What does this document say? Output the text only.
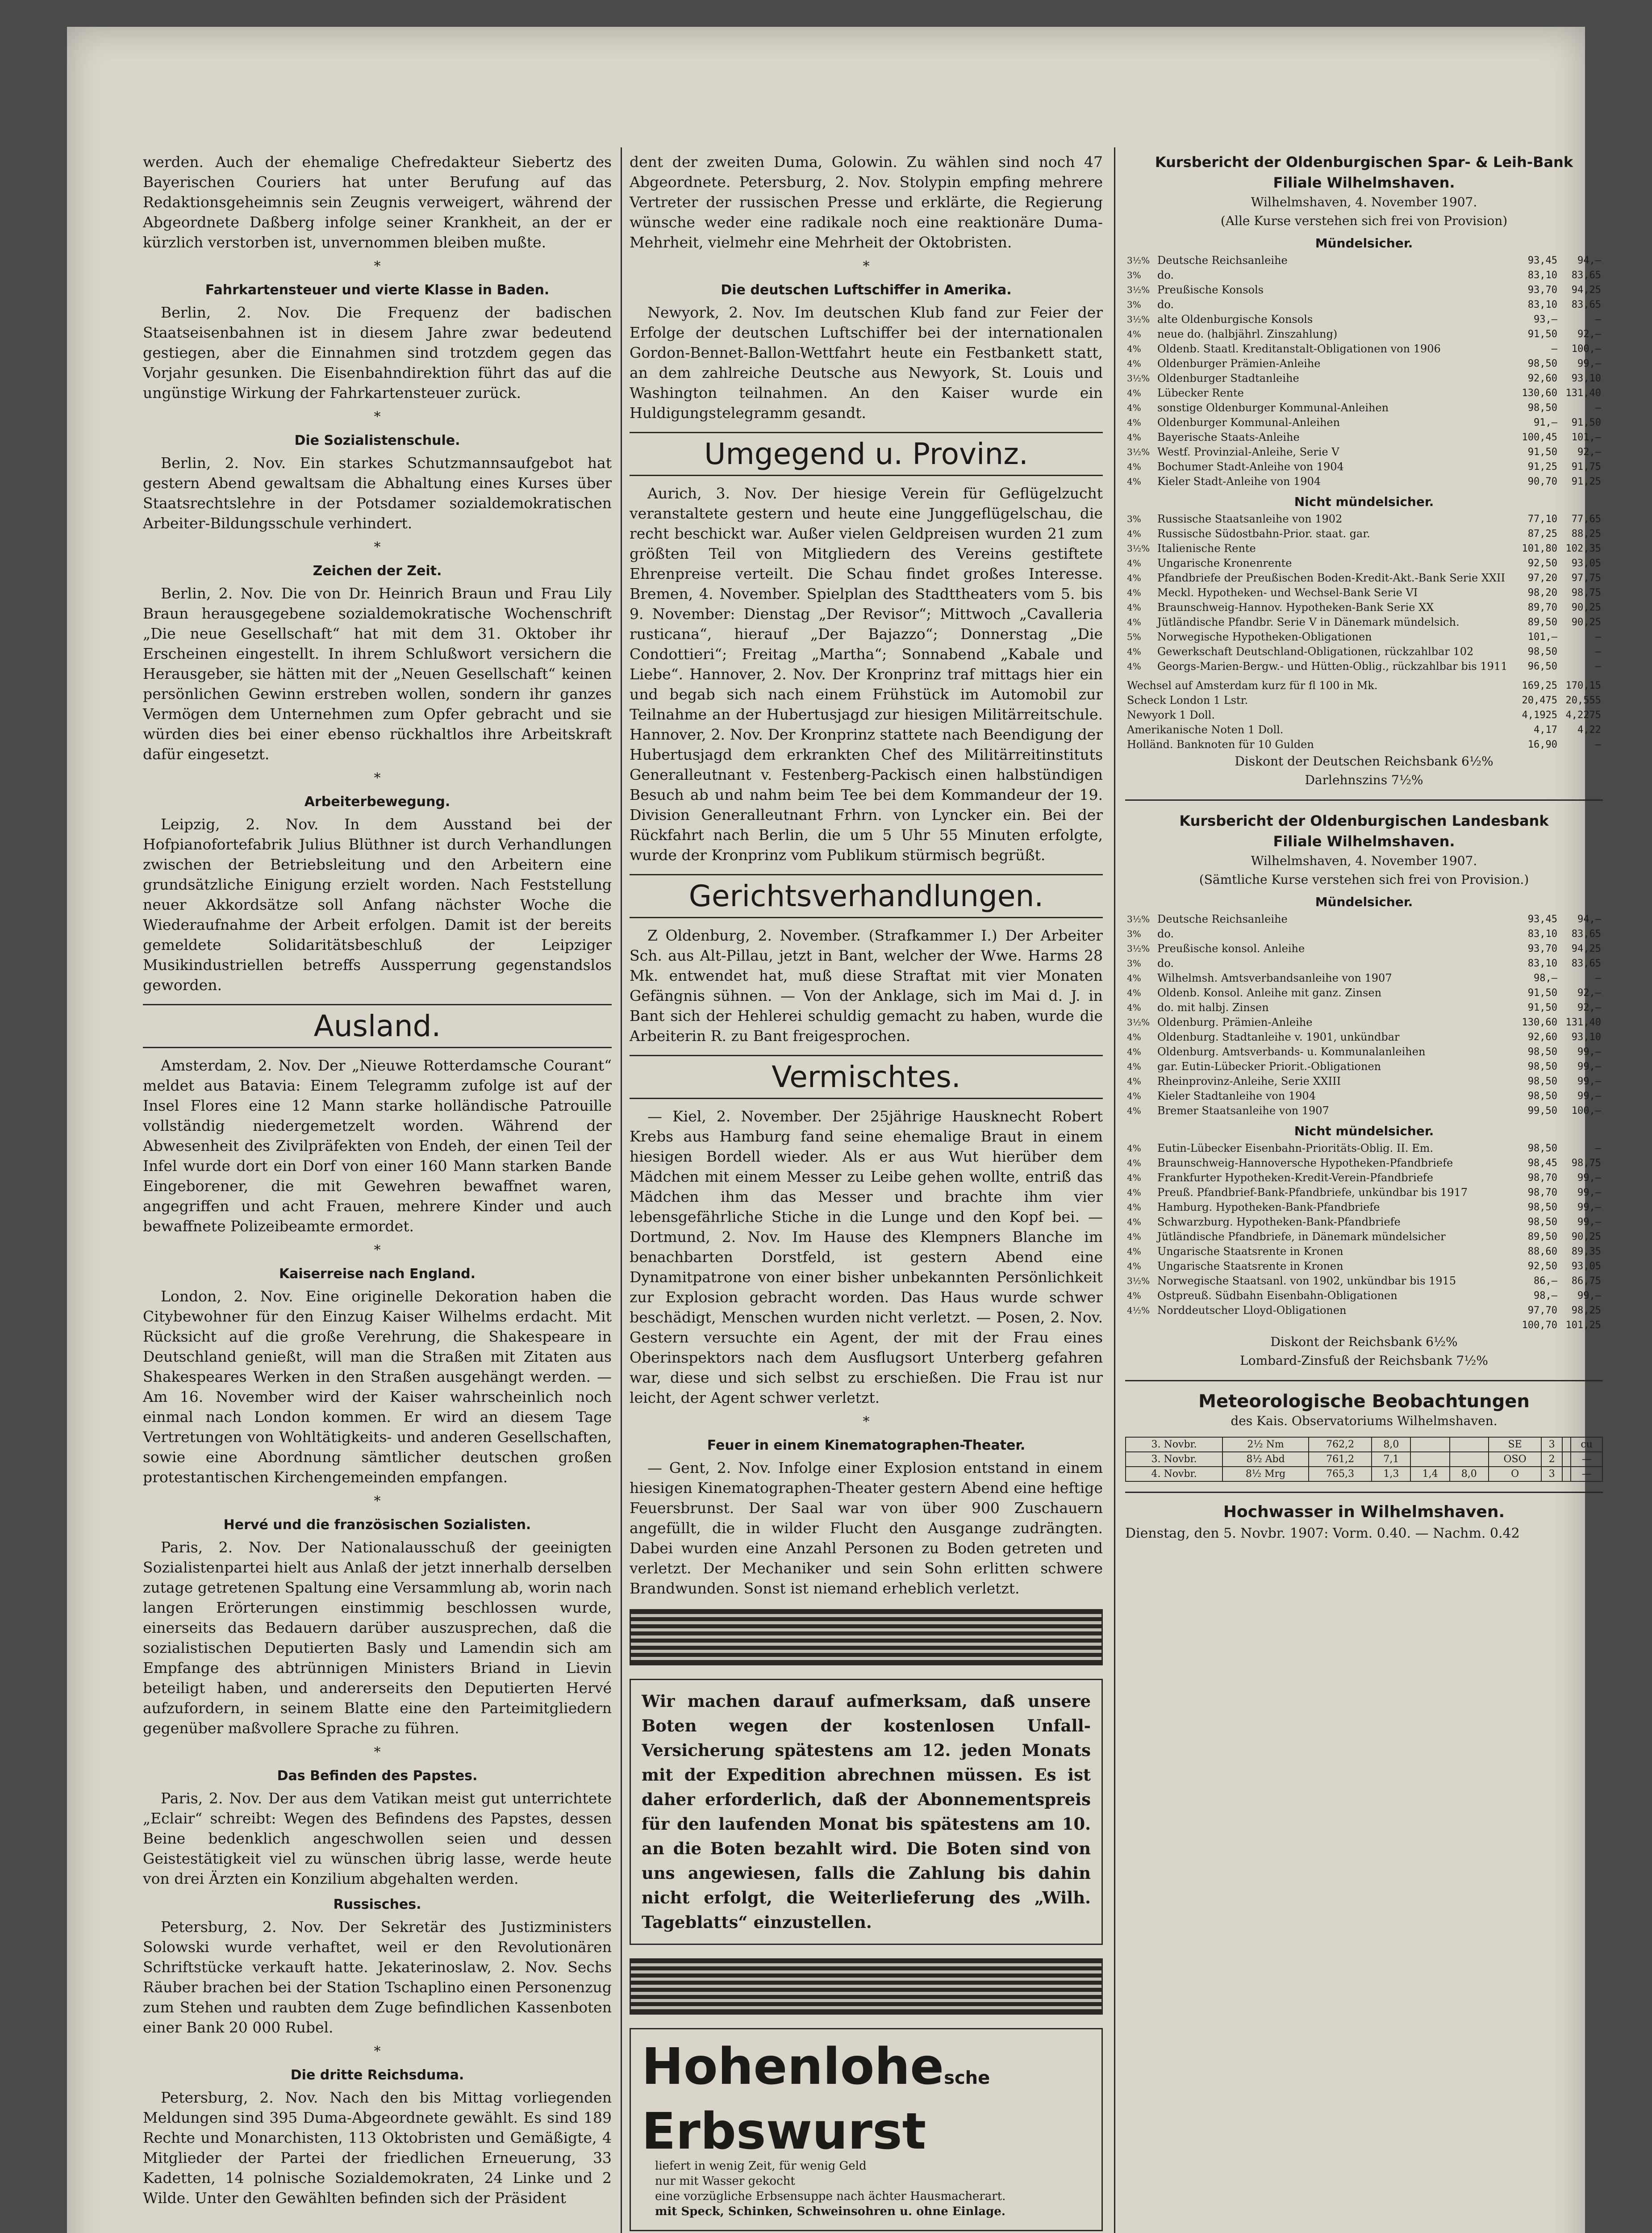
werden. Auch der ehemalige Chefredakteur Siebertz des Bayerischen Couriers hat unter Berufung auf das Redaktionsgeheimnis sein Zeugnis verweigert, während der Abgeordnete Daßberg infolge seiner Krankheit, an der er kürzlich verstorben ist, unvernommen bleiben mußte.

*
Fahrkartensteuer und vierte Klasse in Baden.

Berlin, 2. Nov. Die Frequenz der badischen Staatseisenbahnen ist in diesem Jahre zwar bedeutend gestiegen, aber die Einnahmen sind trotzdem gegen das Vorjahr gesunken. Die Eisenbahndirektion führt das auf die ungünstige Wirkung der Fahrkartensteuer zurück.

*
Die Sozialistenschule.

Berlin, 2. Nov. Ein starkes Schutzmannsaufgebot hat gestern Abend gewaltsam die Abhaltung eines Kurses über Staatsrechtslehre in der Potsdamer sozialdemokratischen Arbeiter-Bildungsschule verhindert.

*
Zeichen der Zeit.

Berlin, 2. Nov. Die von Dr. Heinrich Braun und Frau Lily Braun herausgegebene sozialdemokratische Wochenschrift „Die neue Gesellschaft“ hat mit dem 31. Oktober ihr Erscheinen eingestellt. In ihrem Schlußwort versichern die Herausgeber, sie hätten mit der „Neuen Gesellschaft“ keinen persönlichen Gewinn erstreben wollen, sondern ihr ganzes Vermögen dem Unternehmen zum Opfer gebracht und sie würden dies bei einer ebenso rückhaltlos ihre Arbeitskraft dafür eingesetzt.

*
Arbeiterbewegung.

Leipzig, 2. Nov. In dem Ausstand bei der Hofpianofortefabrik Julius Blüthner ist durch Verhandlungen zwischen der Betriebsleitung und den Arbeitern eine grundsätzliche Einigung erzielt worden. Nach Feststellung neuer Akkordsätze soll Anfang nächster Woche die Wiederaufnahme der Arbeit erfolgen. Damit ist der bereits gemeldete Solidaritätsbeschluß der Leipziger Musikindustriellen betreffs Aussperrung gegenstandslos geworden.

Ausland.

Amsterdam, 2. Nov. Der „Nieuwe Rotterdamsche Courant“ meldet aus Batavia: Einem Telegramm zufolge ist auf der Insel Flores eine 12 Mann starke holländische Patrouille vollständig niedergemetzelt worden. Während der Abwesenheit des Zivilpräfekten von Endeh, der einen Teil der Infel wurde dort ein Dorf von einer 160 Mann starken Bande Eingeborener, die mit Gewehren bewaffnet waren, angegriffen und acht Frauen, mehrere Kinder und auch bewaffnete Polizeibeamte ermordet.

*
Kaiserreise nach England.

London, 2. Nov. Eine originelle Dekoration haben die Citybewohner für den Einzug Kaiser Wilhelms erdacht. Mit Rücksicht auf die große Verehrung, die Shakespeare in Deutschland genießt, will man die Straßen mit Zitaten aus Shakespeares Werken in den Straßen ausgehängt werden. — Am 16. November wird der Kaiser wahrscheinlich noch einmal nach London kommen. Er wird an diesem Tage Vertretungen von Wohltätigkeits- und anderen Gesellschaften, sowie eine Abordnung sämtlicher deutschen großen protestantischen Kirchengemeinden empfangen.

*
Hervé und die französischen Sozialisten.

Paris, 2. Nov. Der Nationalausschuß der geeinigten Sozialistenpartei hielt aus Anlaß der jetzt innerhalb derselben zutage getretenen Spaltung eine Versammlung ab, worin nach langen Erörterungen einstimmig beschlossen wurde, einerseits das Bedauern darüber auszusprechen, daß die sozialistischen Deputierten Basly und Lamendin sich am Empfange des abtrünnigen Ministers Briand in Lievin beteiligt haben, und andererseits den Deputierten Hervé aufzufordern, in seinem Blatte eine den Parteimitgliedern gegenüber maßvollere Sprache zu führen.

*
Das Befinden des Papstes.

Paris, 2. Nov. Der aus dem Vatikan meist gut unterrichtete „Eclair“ schreibt: Wegen des Befindens des Papstes, dessen Beine bedenklich angeschwollen seien und dessen Geistestätigkeit viel zu wünschen übrig lasse, werde heute von drei Ärzten ein Konzilium abgehalten werden.

Russisches.

Petersburg, 2. Nov. Der Sekretär des Justizministers Solowski wurde verhaftet, weil er den Revolutionären Schriftstücke verkauft hatte. Jekaterinoslaw, 2. Nov. Sechs Räuber brachen bei der Station Tschaplino einen Personenzug zum Stehen und raubten dem Zuge befindlichen Kassenboten einer Bank 20 000 Rubel.

*
Die dritte Reichsduma.

Petersburg, 2. Nov. Nach den bis Mittag vorliegenden Meldungen sind 395 Duma-Abgeordnete gewählt. Es sind 189 Rechte und Monarchisten, 113 Oktobristen und Gemäßigte, 4 Mitglieder der Partei der friedlichen Erneuerung, 33 Kadetten, 14 polnische Sozialdemokraten, 24 Linke und 2 Wilde. Unter den Gewählten befinden sich der Präsident

dent der zweiten Duma, Golowin. Zu wählen sind noch 47 Abgeordnete. Petersburg, 2. Nov. Stolypin empfing mehrere Vertreter der russischen Presse und erklärte, die Regierung wünsche weder eine radikale noch eine reaktionäre Duma-Mehrheit, vielmehr eine Mehrheit der Oktobristen.

*
Die deutschen Luftschiffer in Amerika.

Newyork, 2. Nov. Im deutschen Klub fand zur Feier der Erfolge der deutschen Luftschiffer bei der internationalen Gordon-Bennet-Ballon-Wettfahrt heute ein Festbankett statt, an dem zahlreiche Deutsche aus Newyork, St. Louis und Washington teilnahmen. An den Kaiser wurde ein Huldigungstelegramm gesandt.

Umgegend u. Provinz.

Aurich, 3. Nov. Der hiesige Verein für Geflügelzucht veranstaltete gestern und heute eine Junggeflügelschau, die recht beschickt war. Außer vielen Geldpreisen wurden 21 zum größten Teil von Mitgliedern des Vereins gestiftete Ehrenpreise verteilt. Die Schau findet großes Interesse. Bremen, 4. November. Spielplan des Stadttheaters vom 5. bis 9. November: Dienstag „Der Revisor“; Mittwoch „Cavalleria rusticana“, hierauf „Der Bajazzo“; Donnerstag „Die Condottieri“; Freitag „Martha“; Sonnabend „Kabale und Liebe“. Hannover, 2. Nov. Der Kronprinz traf mittags hier ein und begab sich nach einem Frühstück im Automobil zur Teilnahme an der Hubertusjagd zur hiesigen Militärreitschule. Hannover, 2. Nov. Der Kronprinz stattete nach Beendigung der Hubertusjagd dem erkrankten Chef des Militärreitinstituts Generalleutnant v. Festenberg-Packisch einen halbstündigen Besuch ab und nahm beim Tee bei dem Kommandeur der 19. Division Generalleutnant Frhrn. von Lyncker ein. Bei der Rückfahrt nach Berlin, die um 5 Uhr 55 Minuten erfolgte, wurde der Kronprinz vom Publikum stürmisch begrüßt.

Gerichtsverhandlungen.

Z Oldenburg, 2. November. (Strafkammer I.) Der Arbeiter Sch. aus Alt-Pillau, jetzt in Bant, welcher der Wwe. Harms 28 Mk. entwendet hat, muß diese Straftat mit vier Monaten Gefängnis sühnen. — Von der Anklage, sich im Mai d. J. in Bant sich der Hehlerei schuldig gemacht zu haben, wurde die Arbeiterin R. zu Bant freigesprochen.

Vermischtes.

— Kiel, 2. November. Der 25jährige Hausknecht Robert Krebs aus Hamburg fand seine ehemalige Braut in einem hiesigen Bordell wieder. Als er aus Wut hierüber dem Mädchen mit einem Messer zu Leibe gehen wollte, entriß das Mädchen ihm das Messer und brachte ihm vier lebensgefährliche Stiche in die Lunge und den Kopf bei. — Dortmund, 2. Nov. Im Hause des Klempners Blanche im benachbarten Dorstfeld, ist gestern Abend eine Dynamitpatrone von einer bisher unbekannten Persönlichkeit zur Explosion gebracht worden. Das Haus wurde schwer beschädigt, Menschen wurden nicht verletzt. — Posen, 2. Nov. Gestern versuchte ein Agent, der mit der Frau eines Oberinspektors nach dem Ausflugsort Unterberg gefahren war, diese und sich selbst zu erschießen. Die Frau ist nur leicht, der Agent schwer verletzt.

*
Feuer in einem Kinematographen-Theater.

— Gent, 2. Nov. Infolge einer Explosion entstand in einem hiesigen Kinematographen-Theater gestern Abend eine heftige Feuersbrunst. Der Saal war von über 900 Zuschauern angefüllt, die in wilder Flucht den Ausgange zudrängten. Dabei wurden eine Anzahl Personen zu Boden getreten und verletzt. Der Mechaniker und sein Sohn erlitten schwere Brandwunden. Sonst ist niemand erheblich verletzt.

Wir machen darauf aufmerksam, daß unsere Boten wegen der kostenlosen Unfall-Versicherung spätestens am 12. jeden Monats mit der Expedition abrechnen müssen. Es ist daher erforderlich, daß der Abonnementspreis für den laufenden Monat bis spätestens am 10. an die Boten bezahlt wird. Die Boten sind von uns angewiesen, falls die Zahlung bis dahin nicht erfolgt, die Weiterlieferung des „Wilh. Tageblatts“ einzustellen.

Hohenlohesche
Erbswurst
liefert in wenig Zeit, für wenig Geld
nur mit Wasser gekocht
eine vorzügliche Erbsensuppe nach ächter Hausmacherart.
mit Speck, Schinken, Schweinsohren u. ohne Einlage.
Kursbericht der Oldenburgischen Spar- & Leih-Bank
Filiale Wilhelmshaven.
Wilhelmshaven, 4. November 1907.
(Alle Kurse verstehen sich frei von Provision)
Mündelsicher.
3½%	Deutsche Reichsanleihe	93,45	94,—
3%	do.	83,10	83,65
3½%	Preußische Konsols	93,70	94,25
3%	do.	83,10	83,65
3½%	alte Oldenburgische Konsols	93,—	—
4%	neue do. (halbjährl. Zinszahlung)	91,50	92,—
4%	Oldenb. Staatl. Kreditanstalt-Obligationen von 1906	—	100,—
4%	Oldenburger Prämien-Anleihe	98,50	99,—
3½%	Oldenburger Stadtanleihe	92,60	93,10
4%	Lübecker Rente	130,60	131,40
4%	sonstige Oldenburger Kommunal-Anleihen	98,50	—
4%	Oldenburger Kommunal-Anleihen	91,—	91,50
4%	Bayerische Staats-Anleihe	100,45	101,—
3½%	Westf. Provinzial-Anleihe, Serie V	91,50	92,—
4%	Bochumer Stadt-Anleihe von 1904	91,25	91,75
4%	Kieler Stadt-Anleihe von 1904	90,70	91,25
Nicht mündelsicher.
3%	Russische Staatsanleihe von 1902	77,10	77,65
4%	Russische Südostbahn-Prior. staat. gar.	87,25	88,25
3½%	Italienische Rente	101,80	102,35
4%	Ungarische Kronenrente	92,50	93,05
4%	Pfandbriefe der Preußischen Boden-Kredit-Akt.-Bank Serie XXII	97,20	97,75
4%	Meckl. Hypotheken- und Wechsel-Bank Serie VI	98,20	98,75
4%	Braunschweig-Hannov. Hypotheken-Bank Serie XX	89,70	90,25
4%	Jütländische Pfandbr. Serie V in Dänemark mündelsich.	89,50	90,25
5%	Norwegische Hypotheken-Obligationen	101,—	—
4%	Gewerkschaft Deutschland-Obligationen, rückzahlbar 102	98,50	—
4%	Georgs-Marien-Bergw.- und Hütten-Oblig., rückzahlbar bis 1911	96,50	—
Wechsel auf Amsterdam kurz für fl 100 in Mk.	169,25	170,15
Scheck London 1 Lstr.	20,475	20,555
Newyork 1 Doll.	4,1925	4,2275
Amerikanische Noten 1 Doll.	4,17	4,22
Holländ. Banknoten für 10 Gulden	16,90	—
Diskont der Deutschen Reichsbank 6½%
Darlehnszins 7½%
Kursbericht der Oldenburgischen Landesbank
Filiale Wilhelmshaven.
Wilhelmshaven, 4. November 1907.
(Sämtliche Kurse verstehen sich frei von Provision.)
Mündelsicher.
3½%	Deutsche Reichsanleihe	93,45	94,—
3%	do.	83,10	83,65
3½%	Preußische konsol. Anleihe	93,70	94,25
3%	do.	83,10	83,65
4%	Wilhelmsh. Amtsverbandsanleihe von 1907	98,—	—
4%	Oldenb. Konsol. Anleihe mit ganz. Zinsen	91,50	92,—
4%	do. mit halbj. Zinsen	91,50	92,—
3½%	Oldenburg. Prämien-Anleihe	130,60	131,40
4%	Oldenburg. Stadtanleihe v. 1901, unkündbar	92,60	93,10
4%	Oldenburg. Amtsverbands- u. Kommunalanleihen	98,50	99,—
4%	gar. Eutin-Lübecker Priorit.-Obligationen	98,50	99,—
4%	Rheinprovinz-Anleihe, Serie XXIII	98,50	99,—
4%	Kieler Stadtanleihe von 1904	98,50	99,—
4%	Bremer Staatsanleihe von 1907	99,50	100,—
Nicht mündelsicher.
4%	Eutin-Lübecker Eisenbahn-Prioritäts-Oblig. II. Em.	98,50	—
4%	Braunschweig-Hannoversche Hypotheken-Pfandbriefe	98,45	98,75
4%	Frankfurter Hypotheken-Kredit-Verein-Pfandbriefe	98,70	99,—
4%	Preuß. Pfandbrief-Bank-Pfandbriefe, unkündbar bis 1917	98,70	99,—
4%	Hamburg. Hypotheken-Bank-Pfandbriefe	98,50	99,—
4%	Schwarzburg. Hypotheken-Bank-Pfandbriefe	98,50	99,—
4%	Jütländische Pfandbriefe, in Dänemark mündelsicher	89,50	90,25
4%	Ungarische Staatsrente in Kronen	88,60	89,35
4%	Ungarische Staatsrente in Kronen	92,50	93,05
3½%	Norwegische Staatsanl. von 1902, unkündbar bis 1915	86,—	86,75
4%	Ostpreuß. Südbahn Eisenbahn-Obligationen	98,—	99,—
4½%	Norddeutscher Lloyd-Obligationen	97,70	98,25
		100,70	101,25
Diskont der Reichsbank 6½%
Lombard-Zinsfuß der Reichsbank 7½%
Meteorologische Beobachtungen
des Kais. Observatoriums Wilhelmshaven.
3. Novbr.	2½ Nm	762,2	8,0			SE	3		cu
3. Novbr.	8½ Abd	761,2	7,1			OSO	2		—
4. Novbr.	8½ Mrg	765,3	1,3	1,4	8,0	O	3		—
Hochwasser in Wilhelmshaven.
Dienstag, den 5. Novbr. 1907: Vorm. 0.40. — Nachm. 0.42
